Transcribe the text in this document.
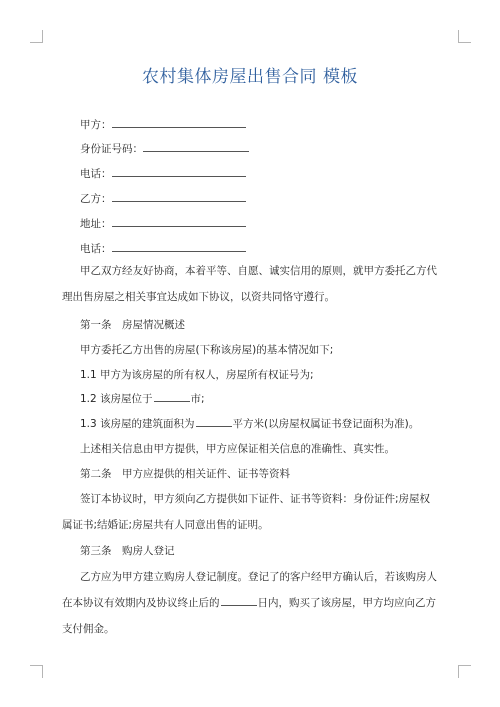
农村集体房屋出售合同 模板
甲方：
身份证号码：
电话：
乙方：
地址：
电话：
甲乙双方经友好协商，本着平等、自愿、诚实信用的原则，就甲方委托乙方代理出售房屋之相关事宜达成如下协议，以资共同恪守遵行。
第一条　房屋情况概述
甲方委托乙方出售的房屋(下称该房屋)的基本情况如下;
1.1 甲方为该房屋的所有权人，房屋所有权证号为;
1.2 该房屋位于	市;
1.3 该房屋的建筑面积为	平方米(以房屋权属证书登记面积为准)。
上述相关信息由甲方提供，甲方应保证相关信息的准确性、真实性。
第二条　甲方应提供的相关证件、证书等资料
签订本协议时，甲方须向乙方提供如下证件、证书等资料：身份证件;房屋权属证书;结婚证;房屋共有人同意出售的证明。
第三条　购房人登记
乙方应为甲方建立购房人登记制度。登记了的客户经甲方确认后，若该购房人在本协议有效期内及协议终止后的	日内，购买了该房屋，甲方均应向乙方支付佣金。
